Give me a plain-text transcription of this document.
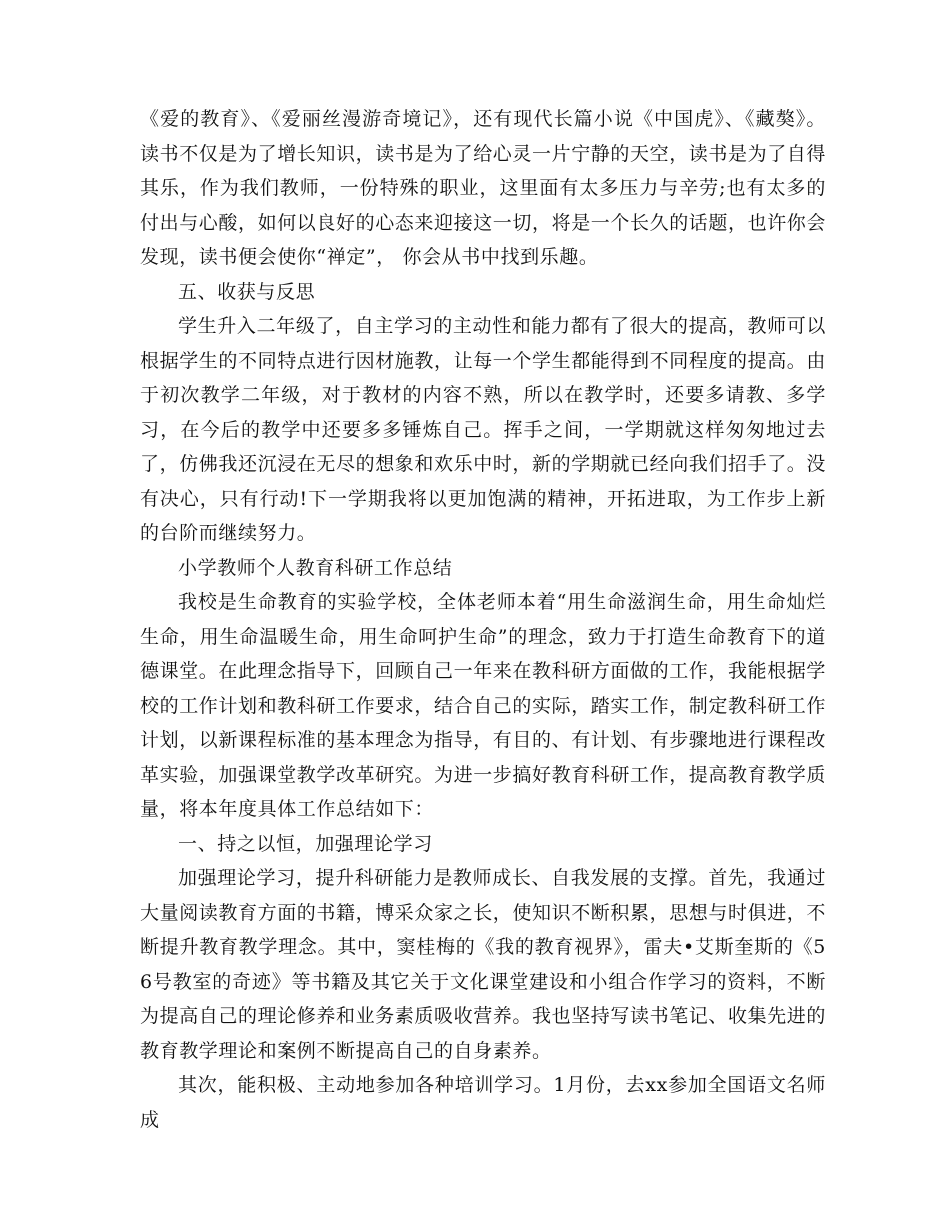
《爱的教育》、《爱丽丝漫游奇境记》，还有现代长篇小说《中国虎》、《藏獒》。读书不仅是为了增长知识，读书是为了给心灵一片宁静的天空，读书是为了自得其乐，作为我们教师，一份特殊的职业，这里面有太多压力与辛劳;也有太多的付出与心酸，如何以良好的心态来迎接这一切，将是一个长久的话题，也许你会发现，读书便会使你“禅定”， 你会从书中找到乐趣。

五、收获与反思

学生升入二年级了，自主学习的主动性和能力都有了很大的提高，教师可以根据学生的不同特点进行因材施教，让每一个学生都能得到不同程度的提高。由于初次教学二年级，对于教材的内容不熟，所以在教学时，还要多请教、多学习，在今后的教学中还要多多锤炼自己。挥手之间，一学期就这样匆匆地过去了，仿佛我还沉浸在无尽的想象和欢乐中时，新的学期就已经向我们招手了。没有决心，只有行动!下一学期我将以更加饱满的精神，开拓进取，为工作步上新的台阶而继续努力。

小学教师个人教育科研工作总结

我校是生命教育的实验学校，全体老师本着“用生命滋润生命，用生命灿烂生命，用生命温暖生命，用生命呵护生命”的理念，致力于打造生命教育下的道德课堂。在此理念指导下，回顾自己一年来在教科研方面做的工作，我能根据学校的工作计划和教科研工作要求，结合自己的实际，踏实工作，制定教科研工作计划，以新课程标准的基本理念为指导，有目的、有计划、有步骤地进行课程改革实验，加强课堂教学改革研究。为进一步搞好教育科研工作，提高教育教学质量，将本年度具体工作总结如下：

一、持之以恒，加强理论学习

加强理论学习，提升科研能力是教师成长、自我发展的支撑。首先，我通过大量阅读教育方面的书籍，博采众家之长，使知识不断积累，思想与时俱进，不断提升教育教学理念。其中，窦桂梅的《我的教育视界》，雷夫•艾斯奎斯的《56号教室的奇迹》等书籍及其它关于文化课堂建设和小组合作学习的资料，不断为提高自己的理论修养和业务素质吸收营养。我也坚持写读书笔记、收集先进的教育教学理论和案例不断提高自己的自身素养。

其次，能积极、主动地参加各种培训学习。1月份，去xx参加全国语文名师成
